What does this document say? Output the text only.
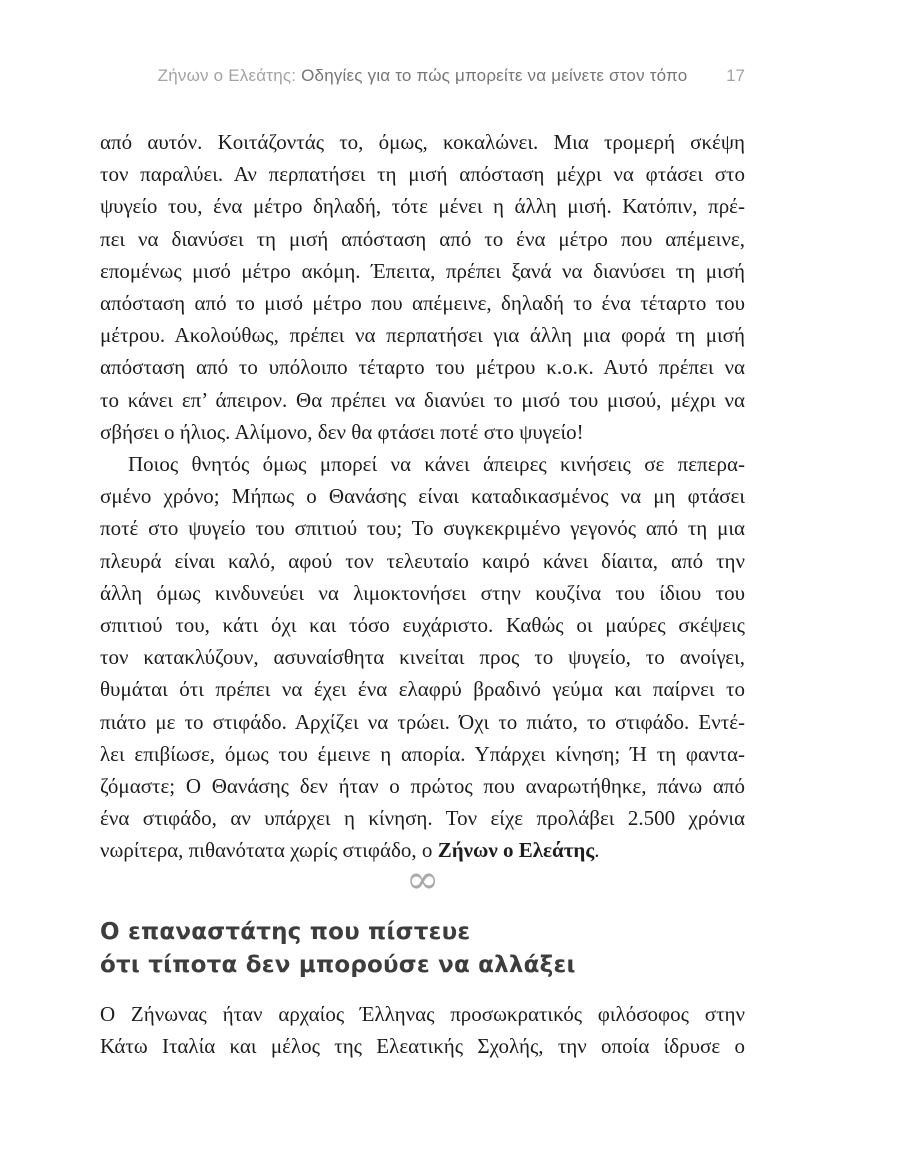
Ζήνων ο Ελεάτης: Οδηγίες για το πώς μπορείτε να μείνετε στον τόπο	17
από αυτόν. Κοιτάζοντάς το, όμως, κοκαλώνει. Μια τρομερή σκέψη
τον παραλύει. Αν περπατήσει τη μισή απόσταση μέχρι να φτάσει στο
ψυγείο του, ένα μέτρο δηλαδή, τότε μένει η άλλη μισή. Κατόπιν, πρέ-
πει να διανύσει τη μισή απόσταση από το ένα μέτρο που απέμεινε,
επομένως μισό μέτρο ακόμη. Έπειτα, πρέπει ξανά να διανύσει τη μισή
απόσταση από το μισό μέτρο που απέμεινε, δηλαδή το ένα τέταρτο του
μέτρου. Ακολούθως, πρέπει να περπατήσει για άλλη μια φορά τη μισή
απόσταση από το υπόλοιπο τέταρτο του μέτρου κ.ο.κ. Αυτό πρέπει να
το κάνει επ’ άπειρον. Θα πρέπει να διανύει το μισό του μισού, μέχρι να
σβήσει ο ήλιος. Αλίμονο, δεν θα φτάσει ποτέ στο ψυγείο!
Ποιος θνητός όμως μπορεί να κάνει άπειρες κινήσεις σε πεπερα-
σμένο χρόνο; Μήπως ο Θανάσης είναι καταδικασμένος να μη φτάσει
ποτέ στο ψυγείο του σπιτιού του; Το συγκεκριμένο γεγονός από τη μια
πλευρά είναι καλό, αφού τον τελευταίο καιρό κάνει δίαιτα, από την
άλλη όμως κινδυνεύει να λιμοκτονήσει στην κουζίνα του ίδιου του
σπιτιού του, κάτι όχι και τόσο ευχάριστο. Καθώς οι μαύρες σκέψεις
τον κατακλύζουν, ασυναίσθητα κινείται προς το ψυγείο, το ανοίγει,
θυμάται ότι πρέπει να έχει ένα ελαφρύ βραδινό γεύμα και παίρνει το
πιάτο με το στιφάδο. Αρχίζει να τρώει. Όχι το πιάτο, το στιφάδο. Εντέ-
λει επιβίωσε, όμως του έμεινε η απορία. Υπάρχει κίνηση; Ή τη φαντα-
ζόμαστε; Ο Θανάσης δεν ήταν ο πρώτος που αναρωτήθηκε, πάνω από
ένα στιφάδο, αν υπάρχει η κίνηση. Τον είχε προλάβει 2.500 χρόνια
νωρίτερα, πιθανότατα χωρίς στιφάδο, ο Ζήνων ο Ελεάτης.
∞
Ο επαναστάτης που πίστευε
ότι τίποτα δεν μπορούσε να αλλάξει
Ο Ζήνωνας ήταν αρχαίος Έλληνας προσωκρατικός φιλόσοφος στην
Κάτω Ιταλία και μέλος της Ελεατικής Σχολής, την οποία ίδρυσε ο
